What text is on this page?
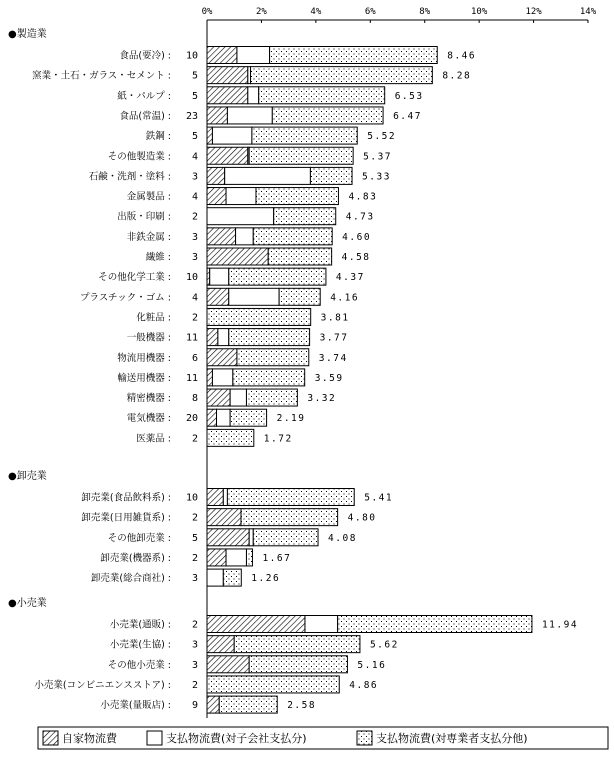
0%	2%	4%	6%	8%	10%	12%	14%
●製造業
食品(要冷) : 10	8.46
窯業・土石・ガラス・セメント : 5	8.28
紙・パルプ : 5	6.53
食品(常温) : 23	6.47
鉄鋼 : 5	5.52
その他製造業 : 4	5.37
石鹸・洗剤・塗料 : 3	5.33
金属製品 : 4	4.83
出版・印刷 : 2	4.73
非鉄金属 : 3	4.60
繊維 : 3	4.58
その他化学工業 : 10	4.37
プラスチック・ゴム : 4	4.16
化粧品 : 2	3.81
一般機器 : 11	3.77
物流用機器 : 6	3.74
輸送用機器 : 11	3.59
精密機器 : 8	3.32
電気機器 : 20	2.19
医薬品 : 2	1.72
●卸売業
卸売業(食品飲料系) : 10	5.41
卸売業(日用雑貨系) : 2	4.80
その他卸売業 : 5	4.08
卸売業(機器系) : 2	1.67
卸売業(総合商社) : 3	1.26
●小売業
小売業(通販) : 2	11.94
小売業(生協) : 3	5.62
その他小売業 : 3	5.16
小売業(コンビニエンスストア) : 2	4.86
小売業(量販店) : 9	2.58
自家物流費	支払物流費(対子会社支払分)	支払物流費(対専業者支払分他)
